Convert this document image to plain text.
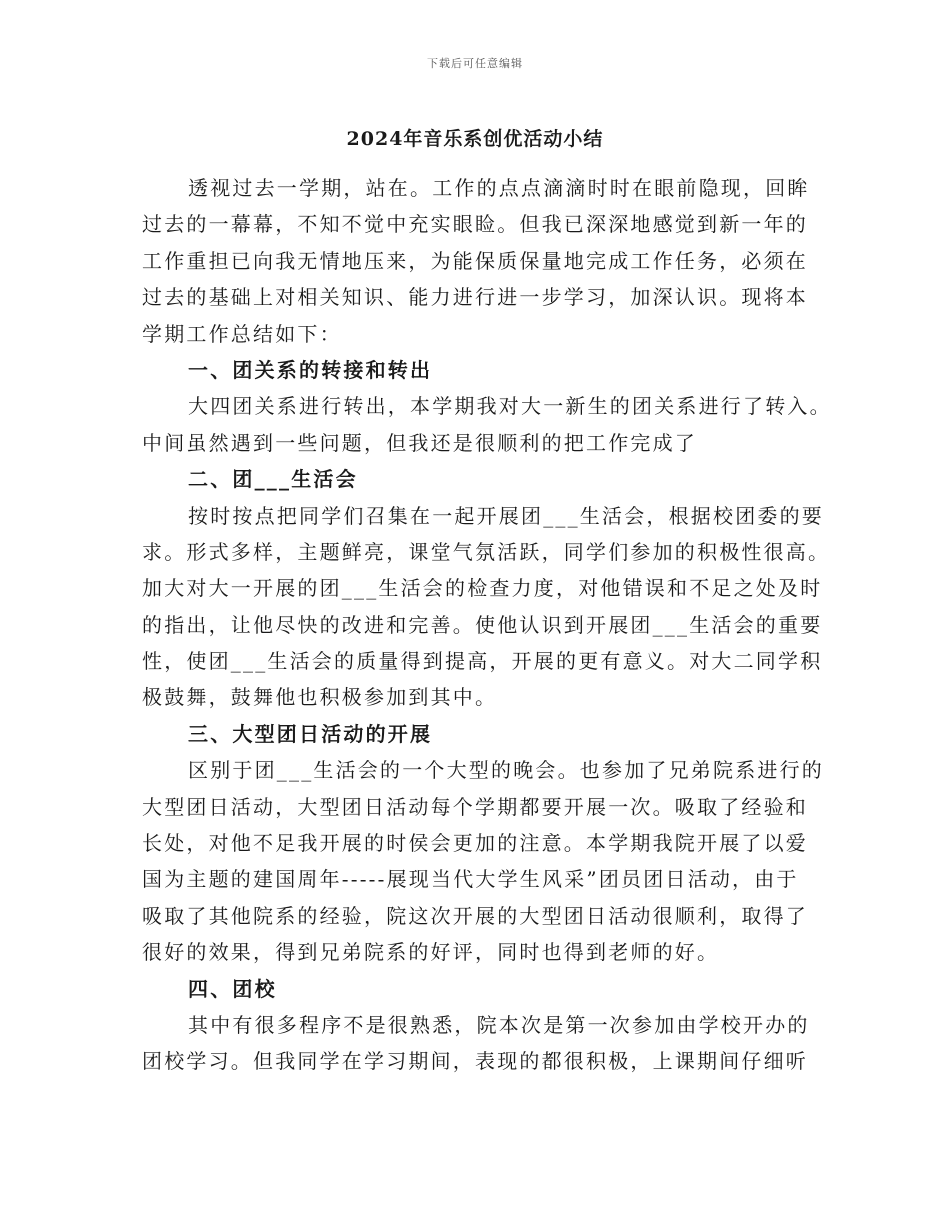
下载后可任意编辑
2024年音乐系创优活动小结
透视过去一学期，站在。工作的点点滴滴时时在眼前隐现，回眸
过去的一幕幕，不知不觉中充实眼睑。但我已深深地感觉到新一年的
工作重担已向我无情地压来，为能保质保量地完成工作任务，必须在
过去的基础上对相关知识、能力进行进一步学习，加深认识。现将本
学期工作总结如下：
一、团关系的转接和转出
大四团关系进行转出，本学期我对大一新生的团关系进行了转入。
中间虽然遇到一些问题，但我还是很顺利的把工作完成了
二、团___生活会
按时按点把同学们召集在一起开展团___生活会，根据校团委的要
求。形式多样，主题鲜亮，课堂气氛活跃，同学们参加的积极性很高。
加大对大一开展的团___生活会的检查力度，对他错误和不足之处及时
的指出，让他尽快的改进和完善。使他认识到开展团___生活会的重要
性，使团___生活会的质量得到提高，开展的更有意义。对大二同学积
极鼓舞，鼓舞他也积极参加到其中。
三、大型团日活动的开展
区别于团___生活会的一个大型的晚会。也参加了兄弟院系进行的
大型团日活动，大型团日活动每个学期都要开展一次。吸取了经验和
长处，对他不足我开展的时侯会更加的注意。本学期我院开展了以爱
国为主题的建国周年-----展现当代大学生风采”团员团日活动，由于
吸取了其他院系的经验，院这次开展的大型团日活动很顺利，取得了
很好的效果，得到兄弟院系的好评，同时也得到老师的好。
四、团校
其中有很多程序不是很熟悉，院本次是第一次参加由学校开办的
团校学习。但我同学在学习期间，表现的都很积极，上课期间仔细听
